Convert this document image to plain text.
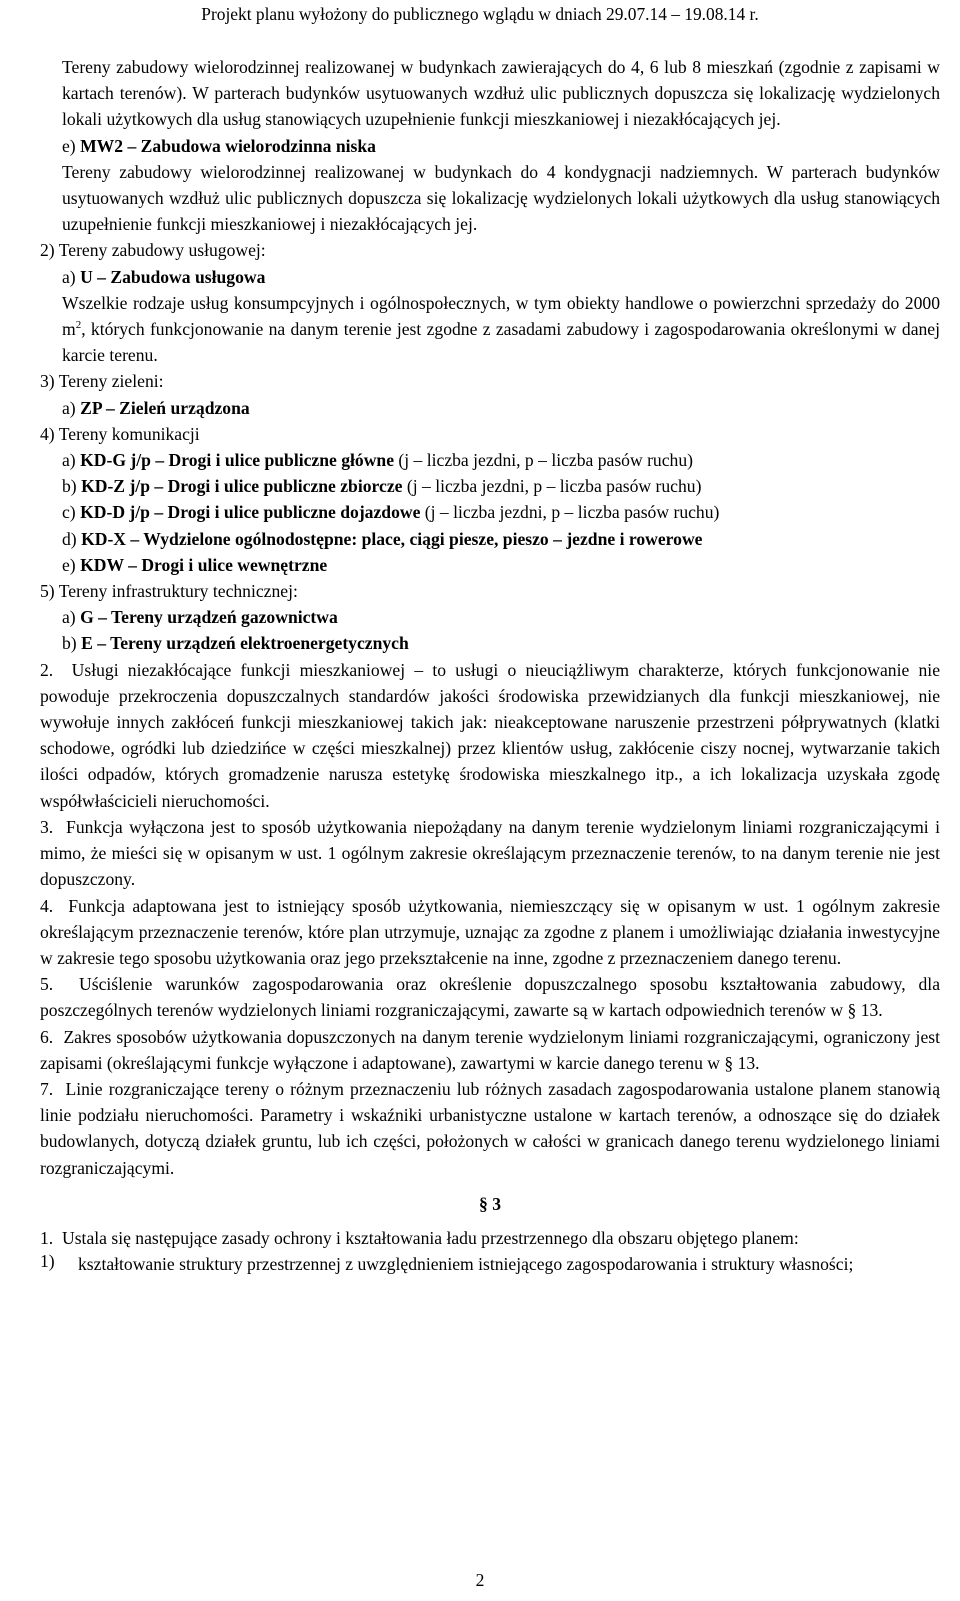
Projekt planu wyłożony do publicznego wglądu w dniach 29.07.14 – 19.08.14 r.

Tereny zabudowy wielorodzinnej realizowanej w budynkach zawierających do 4, 6 lub 8 mieszkań (zgodnie z zapisami w kartach terenów). W parterach budynków usytuowanych wzdłuż ulic publicznych dopuszcza się lokalizację wydzielonych lokali użytkowych dla usług stanowiących uzupełnienie funkcji mieszkaniowej i niezakłócających jej.

e) MW2 – Zabudowa wielorodzinna niska

Tereny zabudowy wielorodzinnej realizowanej w budynkach do 4 kondygnacji nadziemnych. W parterach budynków usytuowanych wzdłuż ulic publicznych dopuszcza się lokalizację wydzielonych lokali użytkowych dla usług stanowiących uzupełnienie funkcji mieszkaniowej i niezakłócających jej.

2) Tereny zabudowy usługowej:
a) U – Zabudowa usługowa

Wszelkie rodzaje usług konsumpcyjnych i ogólnospołecznych, w tym obiekty handlowe o powierzchni sprzedaży do 2000 $m^2$, których funkcjonowanie na danym terenie jest zgodne z zasadami zabudowy i zagospodarowania określonymi w danej karcie terenu.

3) Tereny zieleni:
a) ZP – Zieleń urządzona
4) Tereny komunikacji
a) KD-G j/p – Drogi i ulice publiczne główne (j – liczba jezdni, p – liczba pasów ruchu)
b) KD-Z j/p – Drogi i ulice publiczne zbiorcze (j – liczba jezdni, p – liczba pasów ruchu)
c) KD-D j/p – Drogi i ulice publiczne dojazdowe (j – liczba jezdni, p – liczba pasów ruchu)
d) KD-X – Wydzielone ogólnodostępne: place, ciągi piesze, pieszo – jezdne i rowerowe
e) KDW – Drogi i ulice wewnętrzne
5) Tereny infrastruktury technicznej:
a) G – Tereny urządzeń gazownictwa
b) E – Tereny urządzeń elektroenergetycznych

2. Usługi niezakłócające funkcji mieszkaniowej – to usługi o nieuciążliwym charakterze, których funkcjonowanie nie powoduje przekroczenia dopuszczalnych standardów jakości środowiska przewidzianych dla funkcji mieszkaniowej, nie wywołuje innych zakłóceń funkcji mieszkaniowej takich jak: nieakceptowane naruszenie przestrzeni półprywatnych (klatki schodowe, ogródki lub dziedzińce w części mieszkalnej) przez klientów usług, zakłócenie ciszy nocnej, wytwarzanie takich ilości odpadów, których gromadzenie narusza estetykę środowiska mieszkalnego itp., a ich lokalizacja uzyskała zgodę współwłaścicieli nieruchomości.

3. Funkcja wyłączona jest to sposób użytkowania niepożądany na danym terenie wydzielonym liniami rozgraniczającymi i mimo, że mieści się w opisanym w ust. 1 ogólnym zakresie określającym przeznaczenie terenów, to na danym terenie nie jest dopuszczony.

4. Funkcja adaptowana jest to istniejący sposób użytkowania, niemieszczący się w opisanym w ust. 1 ogólnym zakresie określającym przeznaczenie terenów, które plan utrzymuje, uznając za zgodne z planem i umożliwiając działania inwestycyjne w zakresie tego sposobu użytkowania oraz jego przekształcenie na inne, zgodne z przeznaczeniem danego terenu.

5. Uściślenie warunków zagospodarowania oraz określenie dopuszczalnego sposobu kształtowania zabudowy, dla poszczególnych terenów wydzielonych liniami rozgraniczającymi, zawarte są w kartach odpowiednich terenów w § 13.

6. Zakres sposobów użytkowania dopuszczonych na danym terenie wydzielonym liniami rozgraniczającymi, ograniczony jest zapisami (określającymi funkcje wyłączone i adaptowane), zawartymi w karcie danego terenu w § 13.

7. Linie rozgraniczające tereny o różnym przeznaczeniu lub różnych zasadach zagospodarowania ustalone planem stanowią linie podziału nieruchomości. Parametry i wskaźniki urbanistyczne ustalone w kartach terenów, a odnoszące się do działek budowlanych, dotyczą działek gruntu, lub ich części, położonych w całości w granicach danego terenu wydzielonego liniami rozgraniczającymi.

§ 3

1. Ustala się następujące zasady ochrony i kształtowania ładu przestrzennego dla obszaru objętego planem:

1)	kształtowanie struktury przestrzennej z uwzględnieniem istniejącego zagospodarowania i struktury własności;

2
